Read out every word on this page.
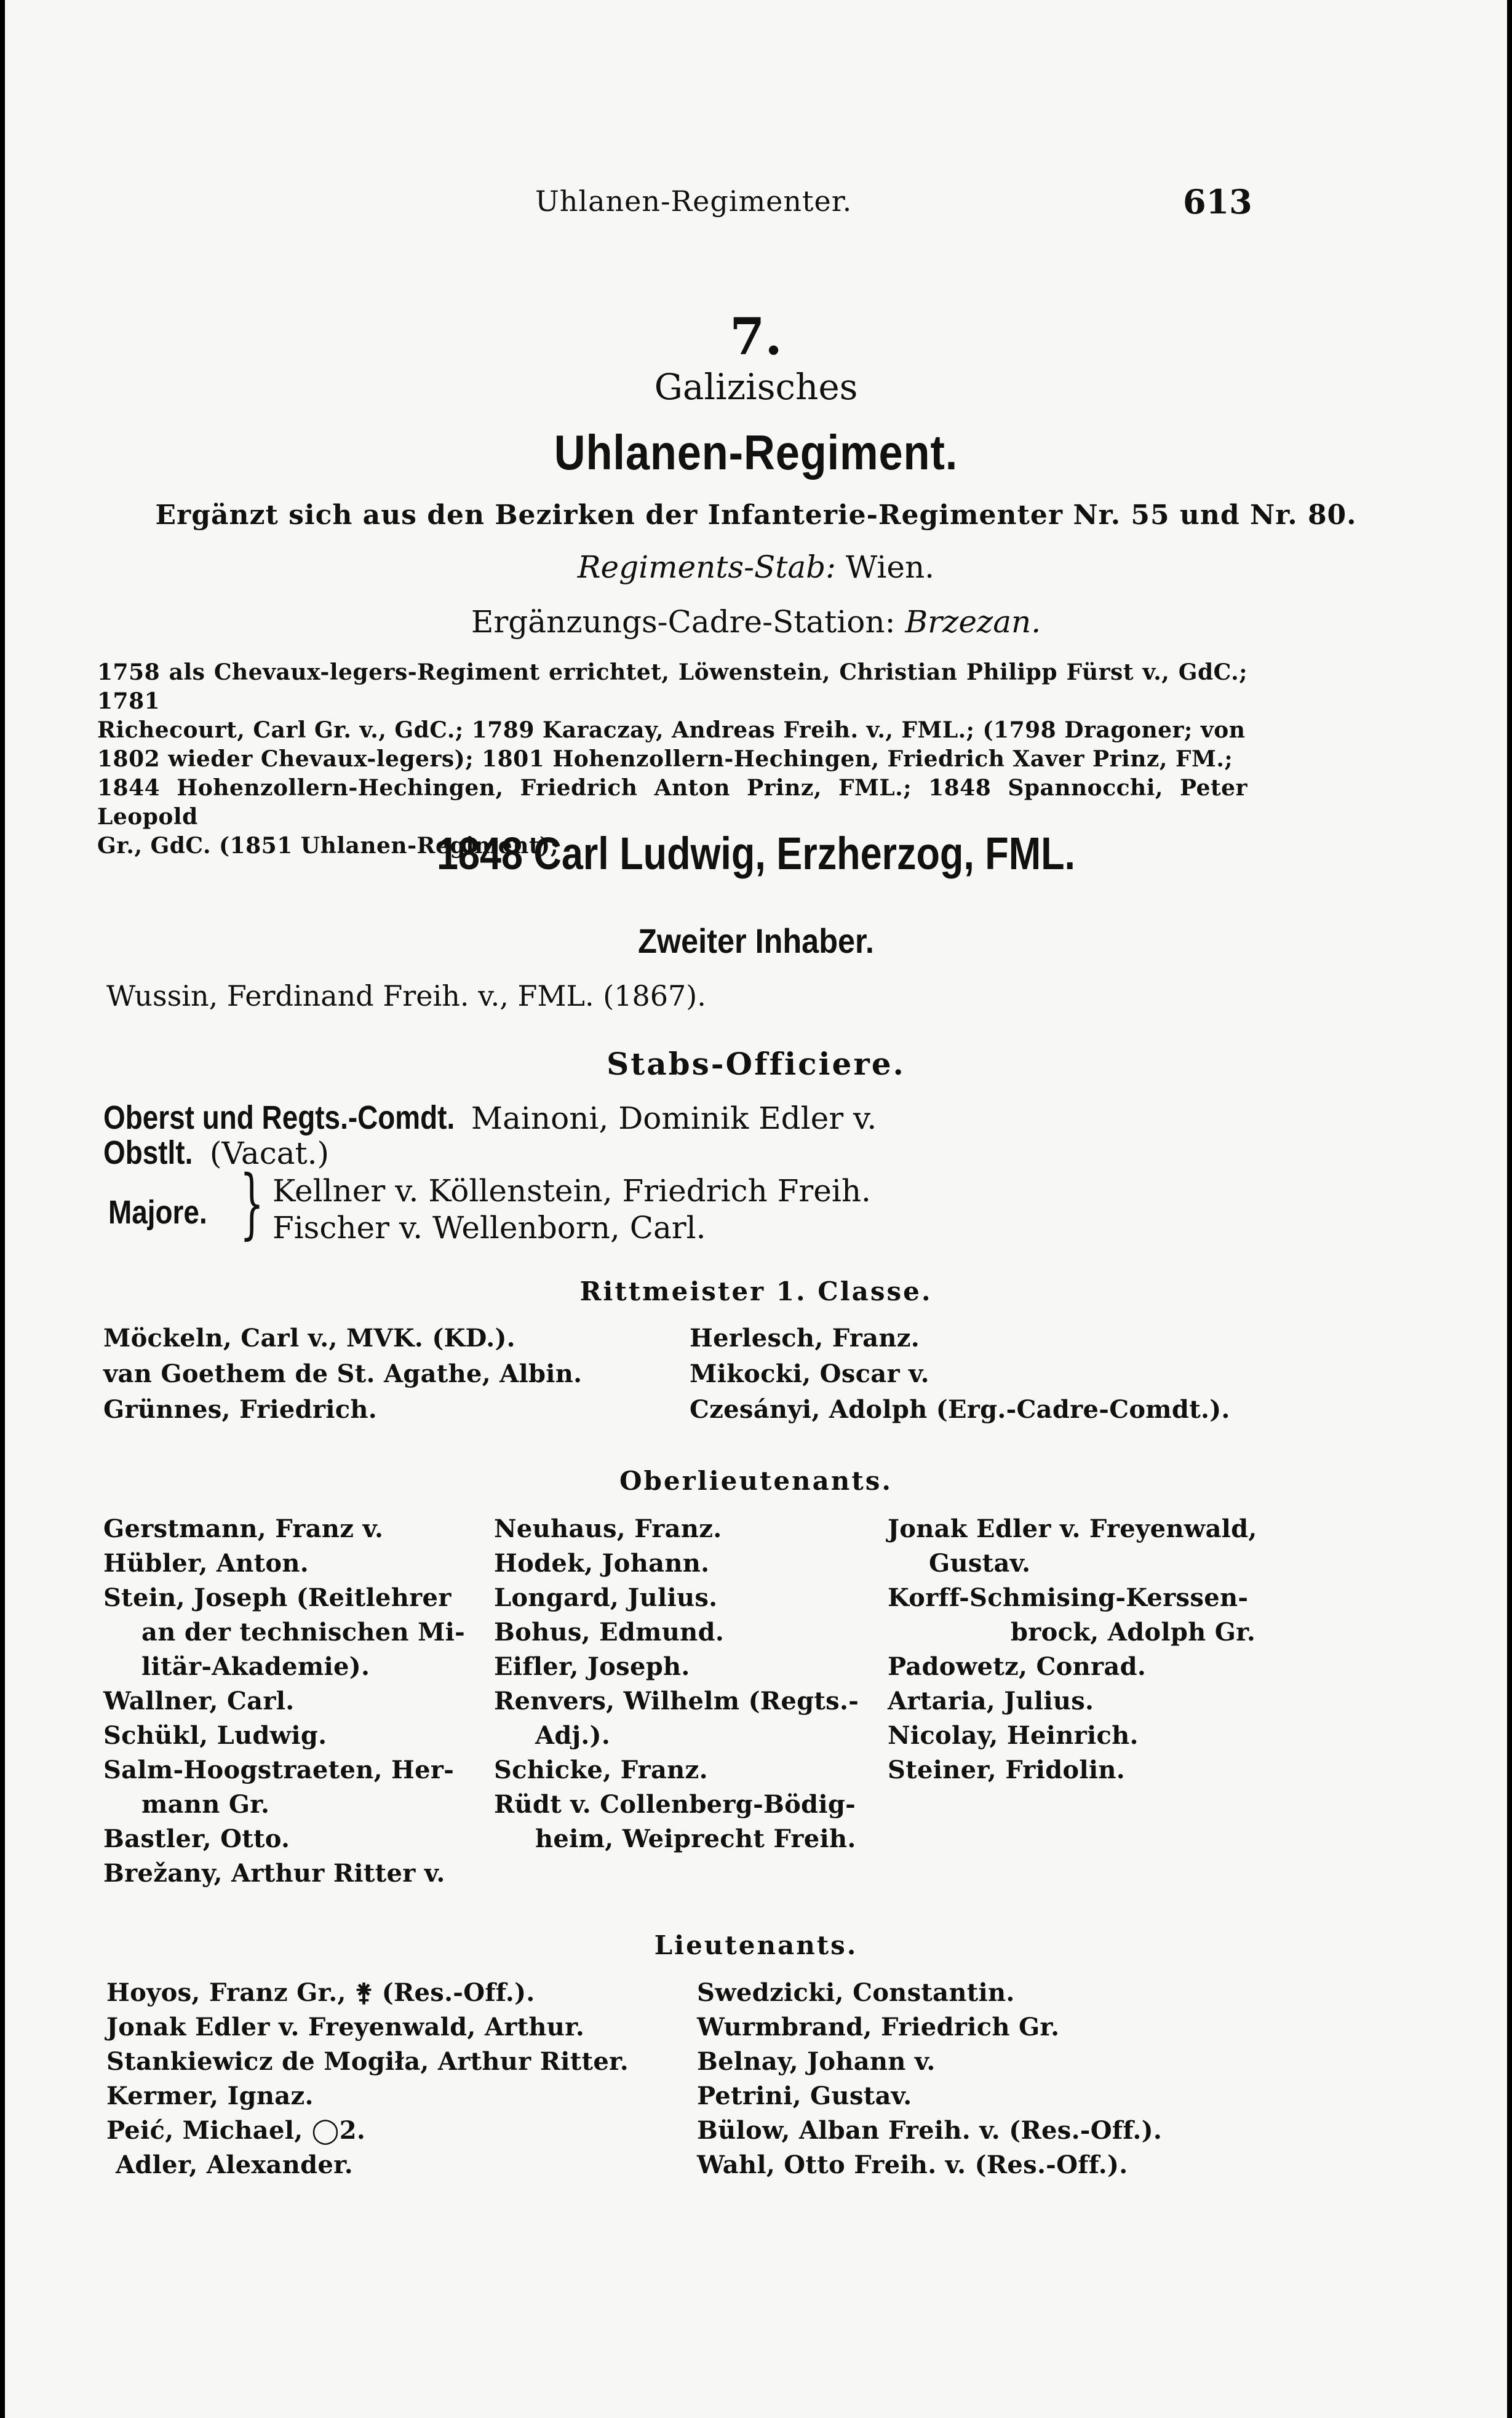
Uhlanen-Regimenter.	613
7.
Galizisches
Uhlanen-Regiment.
Ergänzt sich aus den Bezirken der Infanterie-Regimenter Nr. 55 und Nr. 80.
Regiments-Stab: Wien.
Ergänzungs-Cadre-Station: Brzezan.
1758 als Chevaux-legers-Regiment errichtet, Löwenstein, Christian Philipp Fürst v., GdC.; 1781
Richecourt, Carl Gr. v., GdC.; 1789 Karaczay, Andreas Freih. v., FML.; (1798 Dragoner; von
1802 wieder Chevaux-legers); 1801 Hohenzollern-Hechingen, Friedrich Xaver Prinz, FM.;
1844 Hohenzollern-Hechingen, Friedrich Anton Prinz, FML.; 1848 Spannocchi, Peter Leopold
Gr., GdC. (1851 Uhlanen-Regiment);
1848 Carl Ludwig, Erzherzog, FML.
Zweiter Inhaber.
Wussin, Ferdinand Freih. v., FML. (1867).
Stabs-Officiere.
Oberst und Regts.-Comdt. Mainoni, Dominik Edler v.
Obstlt. (Vacat.)
Majore. } Kellner v. Köllenstein, Friedrich Freih.
Fischer v. Wellenborn, Carl.
Rittmeister 1. Classe.
Möckeln, Carl v., MVK. (KD.).
van Goethem de St. Agathe, Albin.
Grünnes, Friedrich.
Herlesch, Franz.
Mikocki, Oscar v.
Czesányi, Adolph (Erg.-Cadre-Comdt.).
Oberlieutenants.
Gerstmann, Franz v.
Hübler, Anton.
Stein, Joseph (Reitlehrer
an der technischen Mi-
litär-Akademie).
Wallner, Carl.
Schükl, Ludwig.
Salm-Hoogstraeten, Her-
mann Gr.
Bastler, Otto.
Brežany, Arthur Ritter v.
Neuhaus, Franz.
Hodek, Johann.
Longard, Julius.
Bohus, Edmund.
Eifler, Joseph.
Renvers, Wilhelm (Regts.-
Adj.).
Schicke, Franz.
Rüdt v. Collenberg-Bödig-
heim, Weiprecht Freih.
Jonak Edler v. Freyenwald,
Gustav.
Korff-Schmising-Kerssen-
brock, Adolph Gr.
Padowetz, Conrad.
Artaria, Julius.
Nicolay, Heinrich.
Steiner, Fridolin.
Lieutenants.
Hoyos, Franz Gr., ⚵ (Res.-Off.).
Jonak Edler v. Freyenwald, Arthur.
Stankiewicz de Mogiła, Arthur Ritter.
Kermer, Ignaz.
Peić, Michael, ◯2.
Adler, Alexander.
Swedzicki, Constantin.
Wurmbrand, Friedrich Gr.
Belnay, Johann v.
Petrini, Gustav.
Bülow, Alban Freih. v. (Res.-Off.).
Wahl, Otto Freih. v. (Res.-Off.).
